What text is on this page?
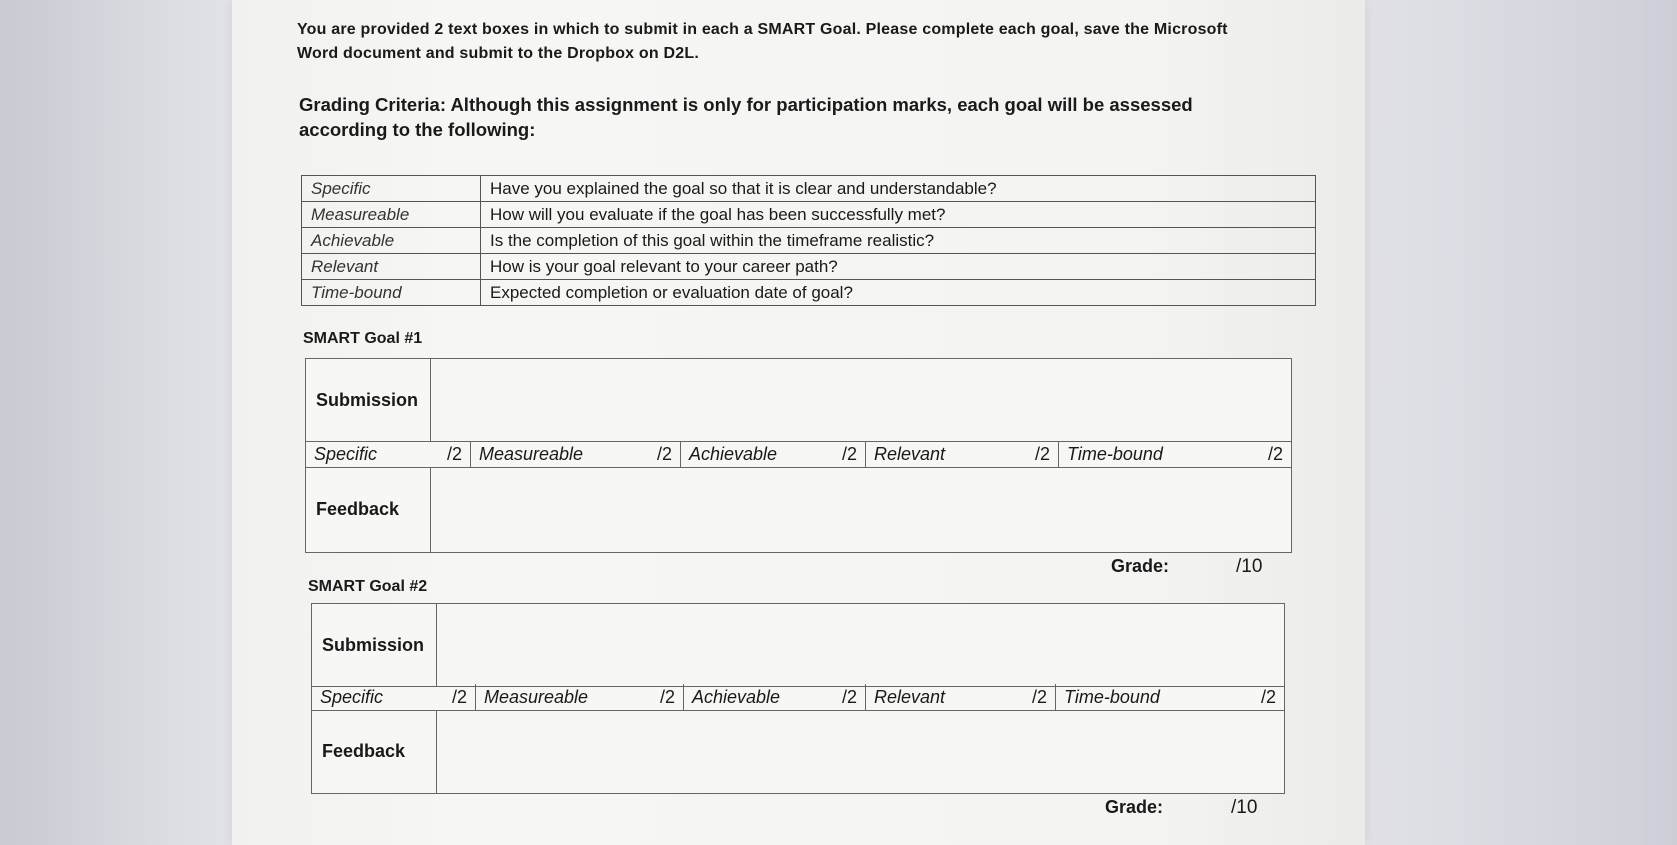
You are provided 2 text boxes in which to submit in each a SMART Goal. Please complete each goal, save the Microsoft Word document and submit to the Dropbox on D2L.
Grading Criteria: Although this assignment is only for participation marks, each goal will be assessed according to the following:
Specific	Have you explained the goal so that it is clear and understandable?
Measureable	How will you evaluate if the goal has been successfully met?
Achievable	Is the completion of this goal within the timeframe realistic?
Relevant	How is your goal relevant to your career path?
Time-bound	Expected completion or evaluation date of goal?
SMART Goal #1
Submission
Specific	/2 Measureable	/2 Achievable	/2 Relevant	/2 Time-bound	/2
Feedback
Grade:	/10
SMART Goal #2
Submission
Specific	/2 Measureable	/2 Achievable	/2 Relevant	/2 Time-bound	/2
Feedback
Grade:	/10
